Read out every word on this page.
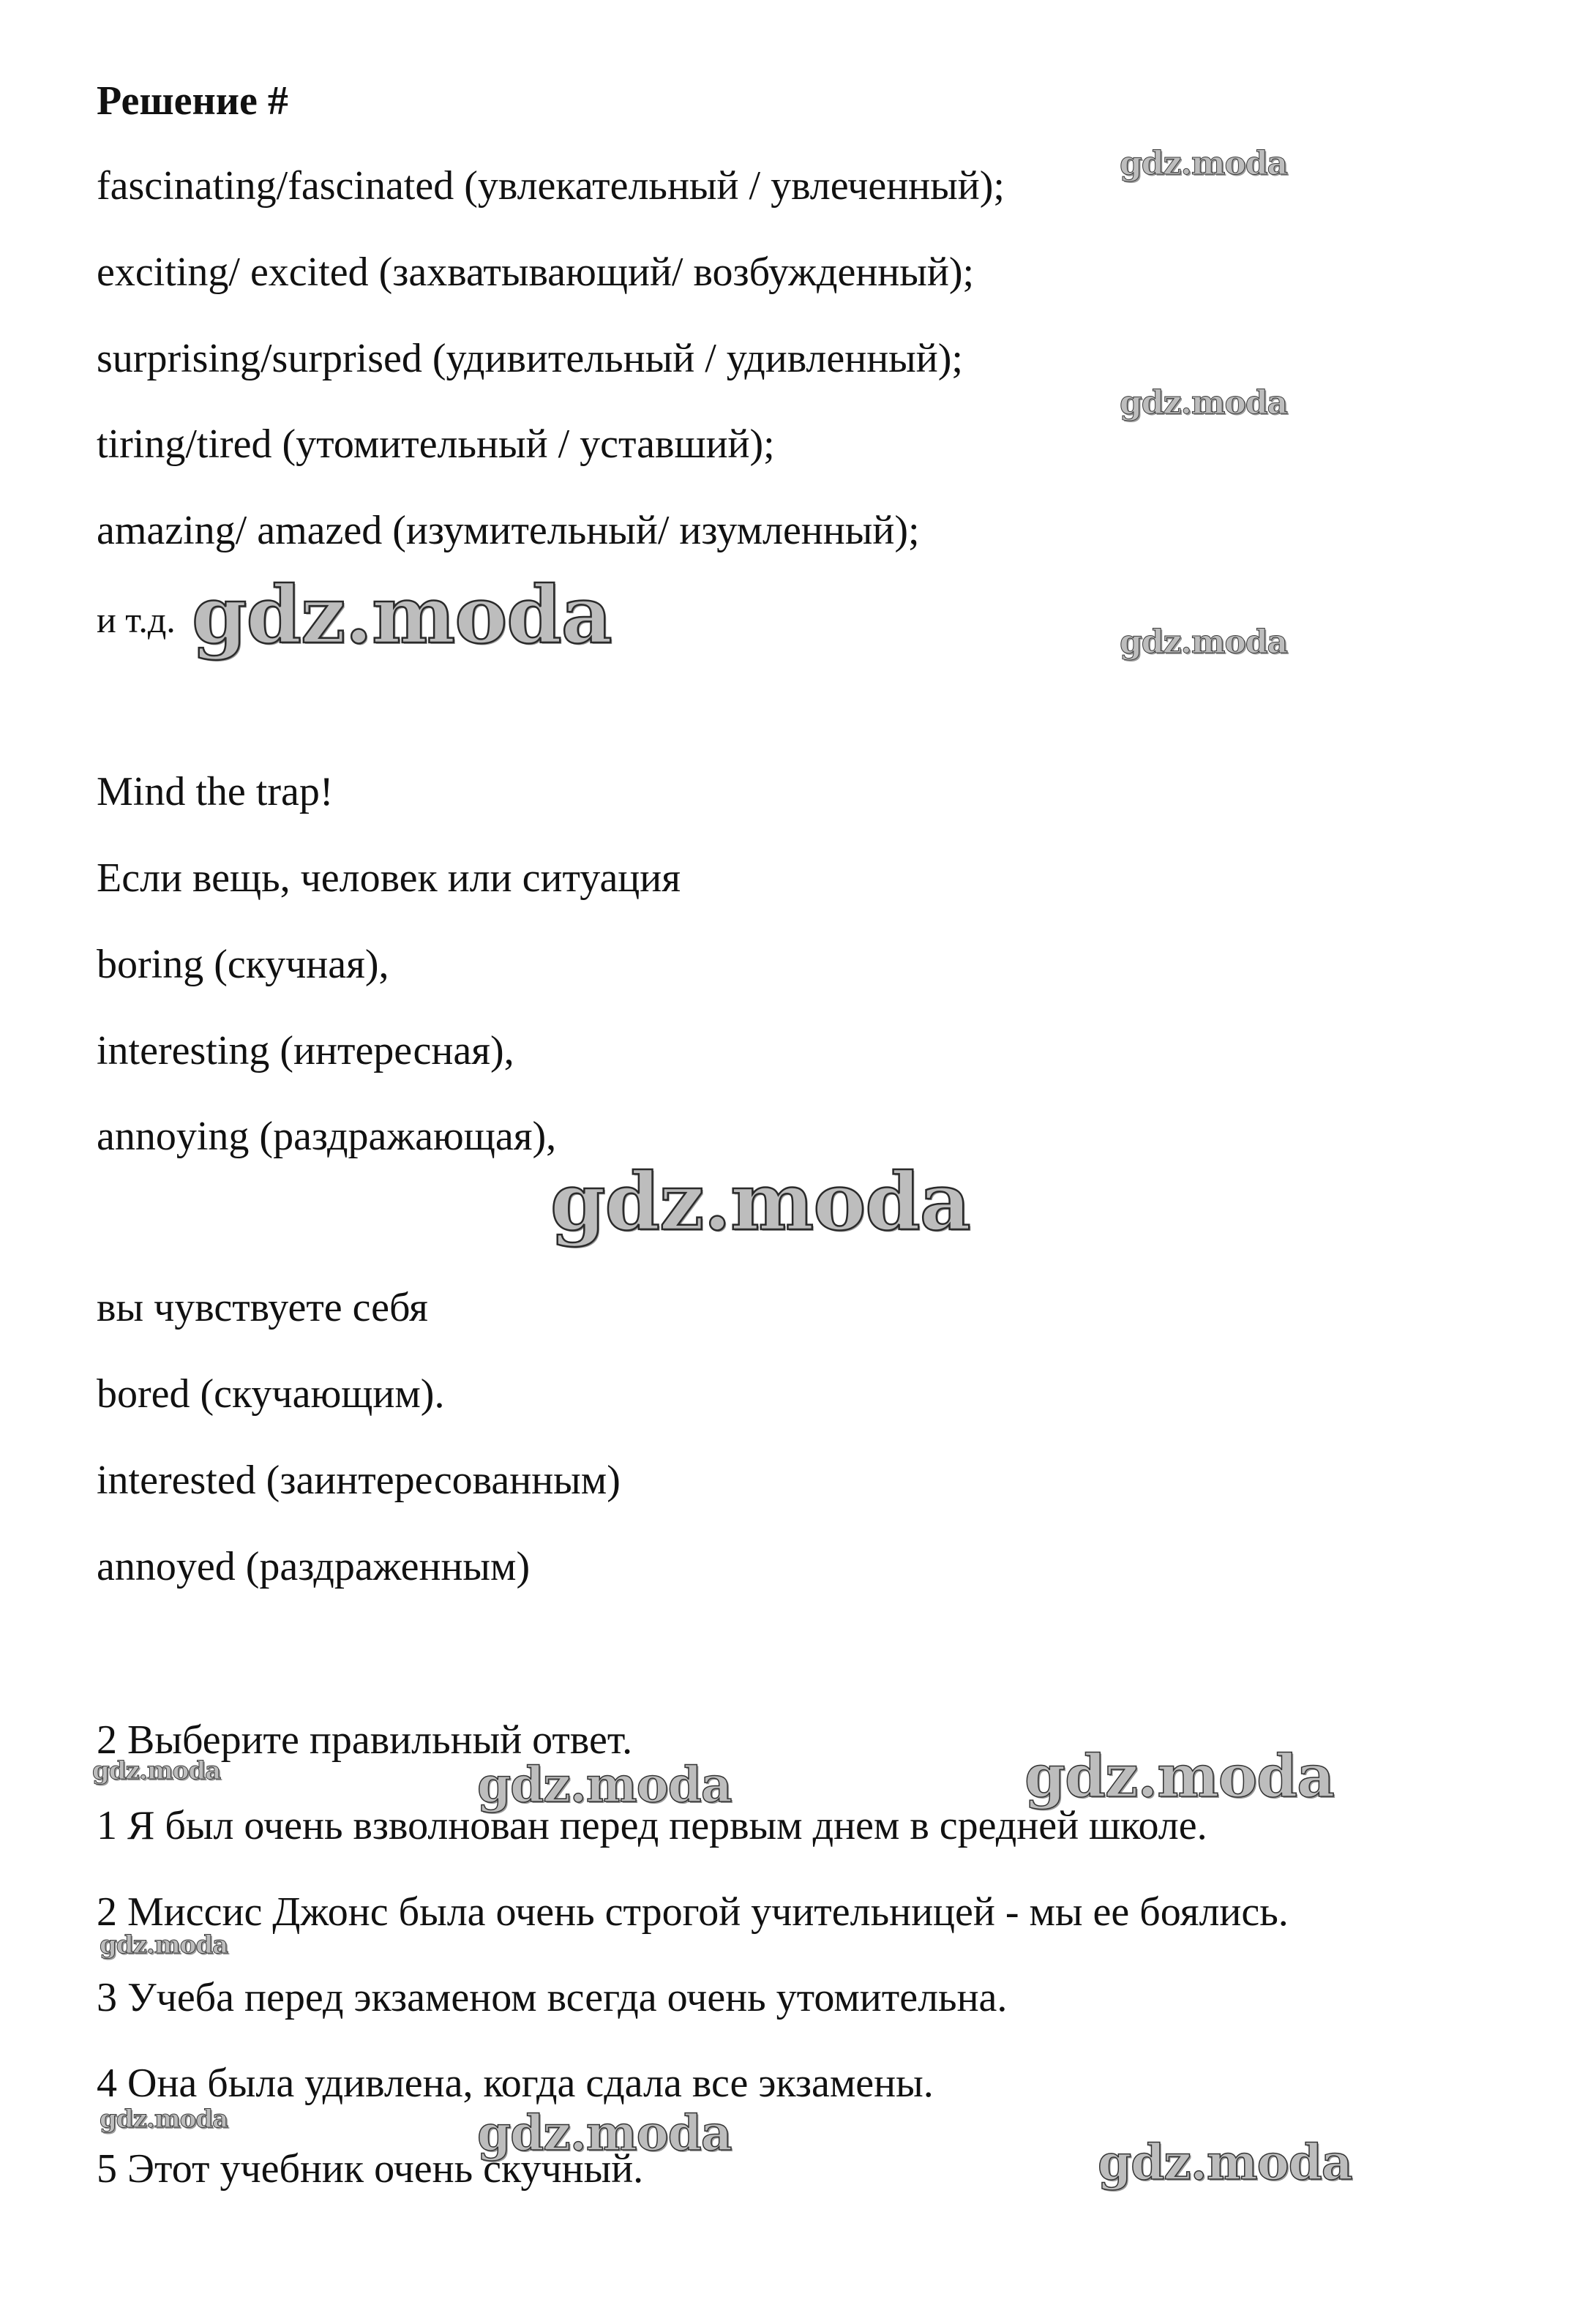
Решение #
fascinating/fascinated (увлекательный / увлеченный);
exciting/ excited (захватывающий/ возбужденный);
surprising/surprised (удивительный / удивленный);
tiring/tired (утомительный / уставший);
amazing/ amazed (изумительный/ изумленный);
и т.д.
Mind the trap!
Если вещь, человек или ситуация
boring (скучная),
interesting (интересная),
annoying (раздражающая),
вы чувствуете себя
bored (скучающим).
interested (заинтересованным)
annoyed (раздраженным)
2 Выберите правильный ответ.
1 Я был очень взволнован перед первым днем в средней школе.
2 Миссис Джонс была очень строгой учительницей - мы ее боялись.
3 Учеба перед экзаменом всегда очень утомительна.
4 Она была удивлена, когда сдала все экзамены.
5 Этот учебник очень скучный.
gdz.moda
gdz.moda
gdz.moda
gdz.moda
gdz.moda
gdz.moda	gdz.moda	gdz.moda
gdz.moda
gdz.moda	gdz.moda
gdz.moda
